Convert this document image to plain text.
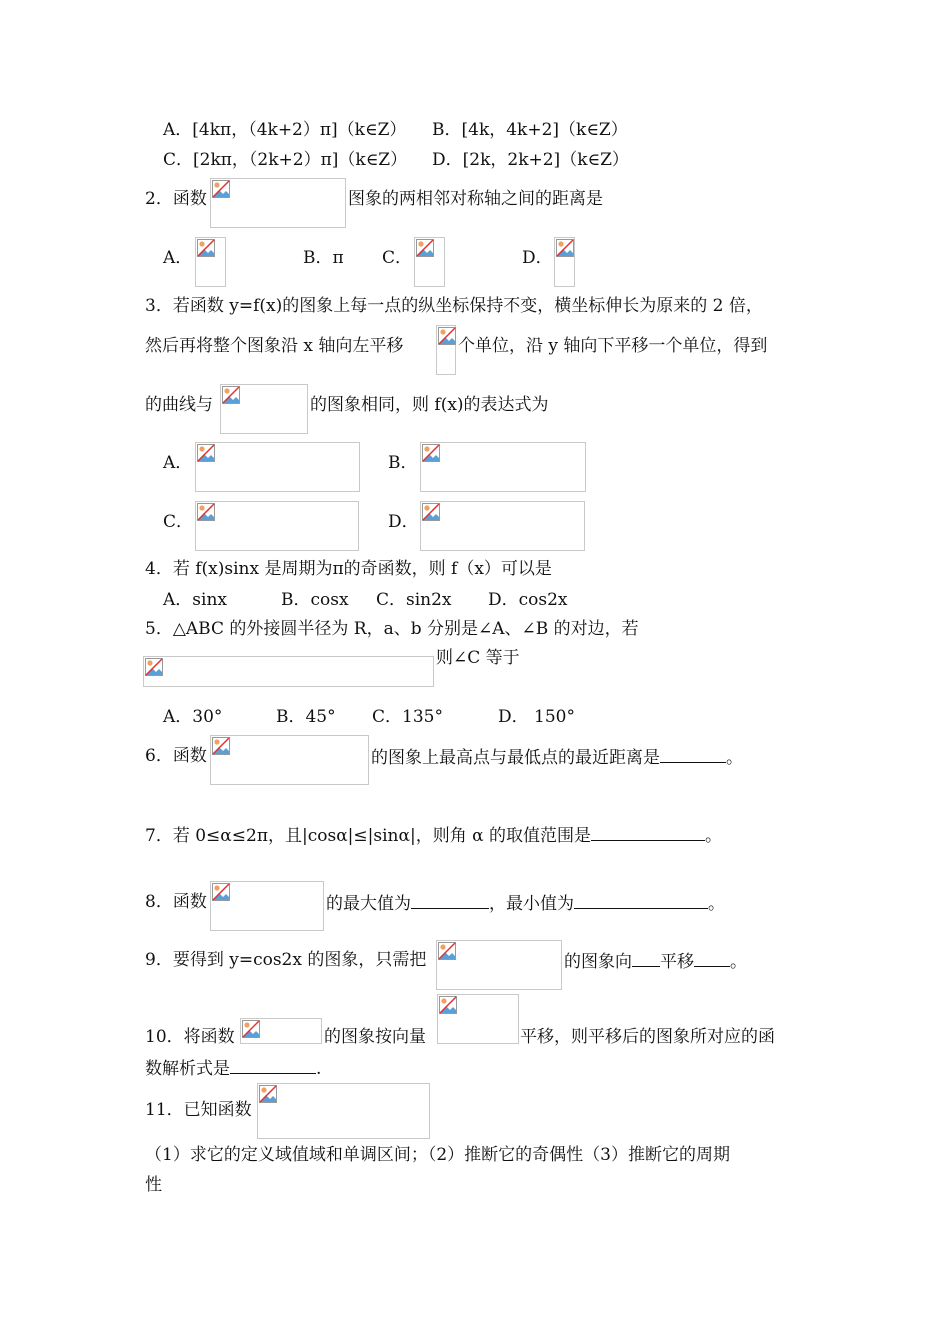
A．[4kπ，（4k+2）π]（k∈Z） B．[4k，4k+2]（k∈Z）
C．[2kπ，（2k+2）π]（k∈Z） D．[2k，2k+2]（k∈Z）
2．函数	图象的两相邻对称轴之间的距离是
A．	B．π C．	D．
3．若函数 y=f(x)的图象上每一点的纵坐标保持不变，横坐标伸长为原来的 2 倍，
然后再将整个图象沿 x 轴向左平移	个单位，沿 y 轴向下平移一个单位，得到
的曲线与	的图象相同，则 f(x)的表达式为
A．	B．
C．	D．
4．若 f(x)sinx 是周期为π的奇函数，则 f（x）可以是
A．sinx	B．cosx C．sin2x D．cos2x
5．△ABC 的外接圆半径为 R，a、b 分别是∠A、∠B 的对边，若
则∠C 等于
A．30°	B．45° C．135°	D． 150°
6．函数	的图象上最高点与最低点的最近距离是	。
7．若 0≤α≤2π，且|cosα|≤|sinα|，则角 α 的取值范围是	。
8．函数	的最大值为	，最小值为	。
9．要得到 y=cos2x 的图象，只需把	的图象向 平移 。
10．将函数	的图象按向量	平移，则平移后的图象所对应的函
数解析式是	.
11．已知函数
（1）求它的定义域值域和单调区间；（2）推断它的奇偶性（3）推断它的周期
性
